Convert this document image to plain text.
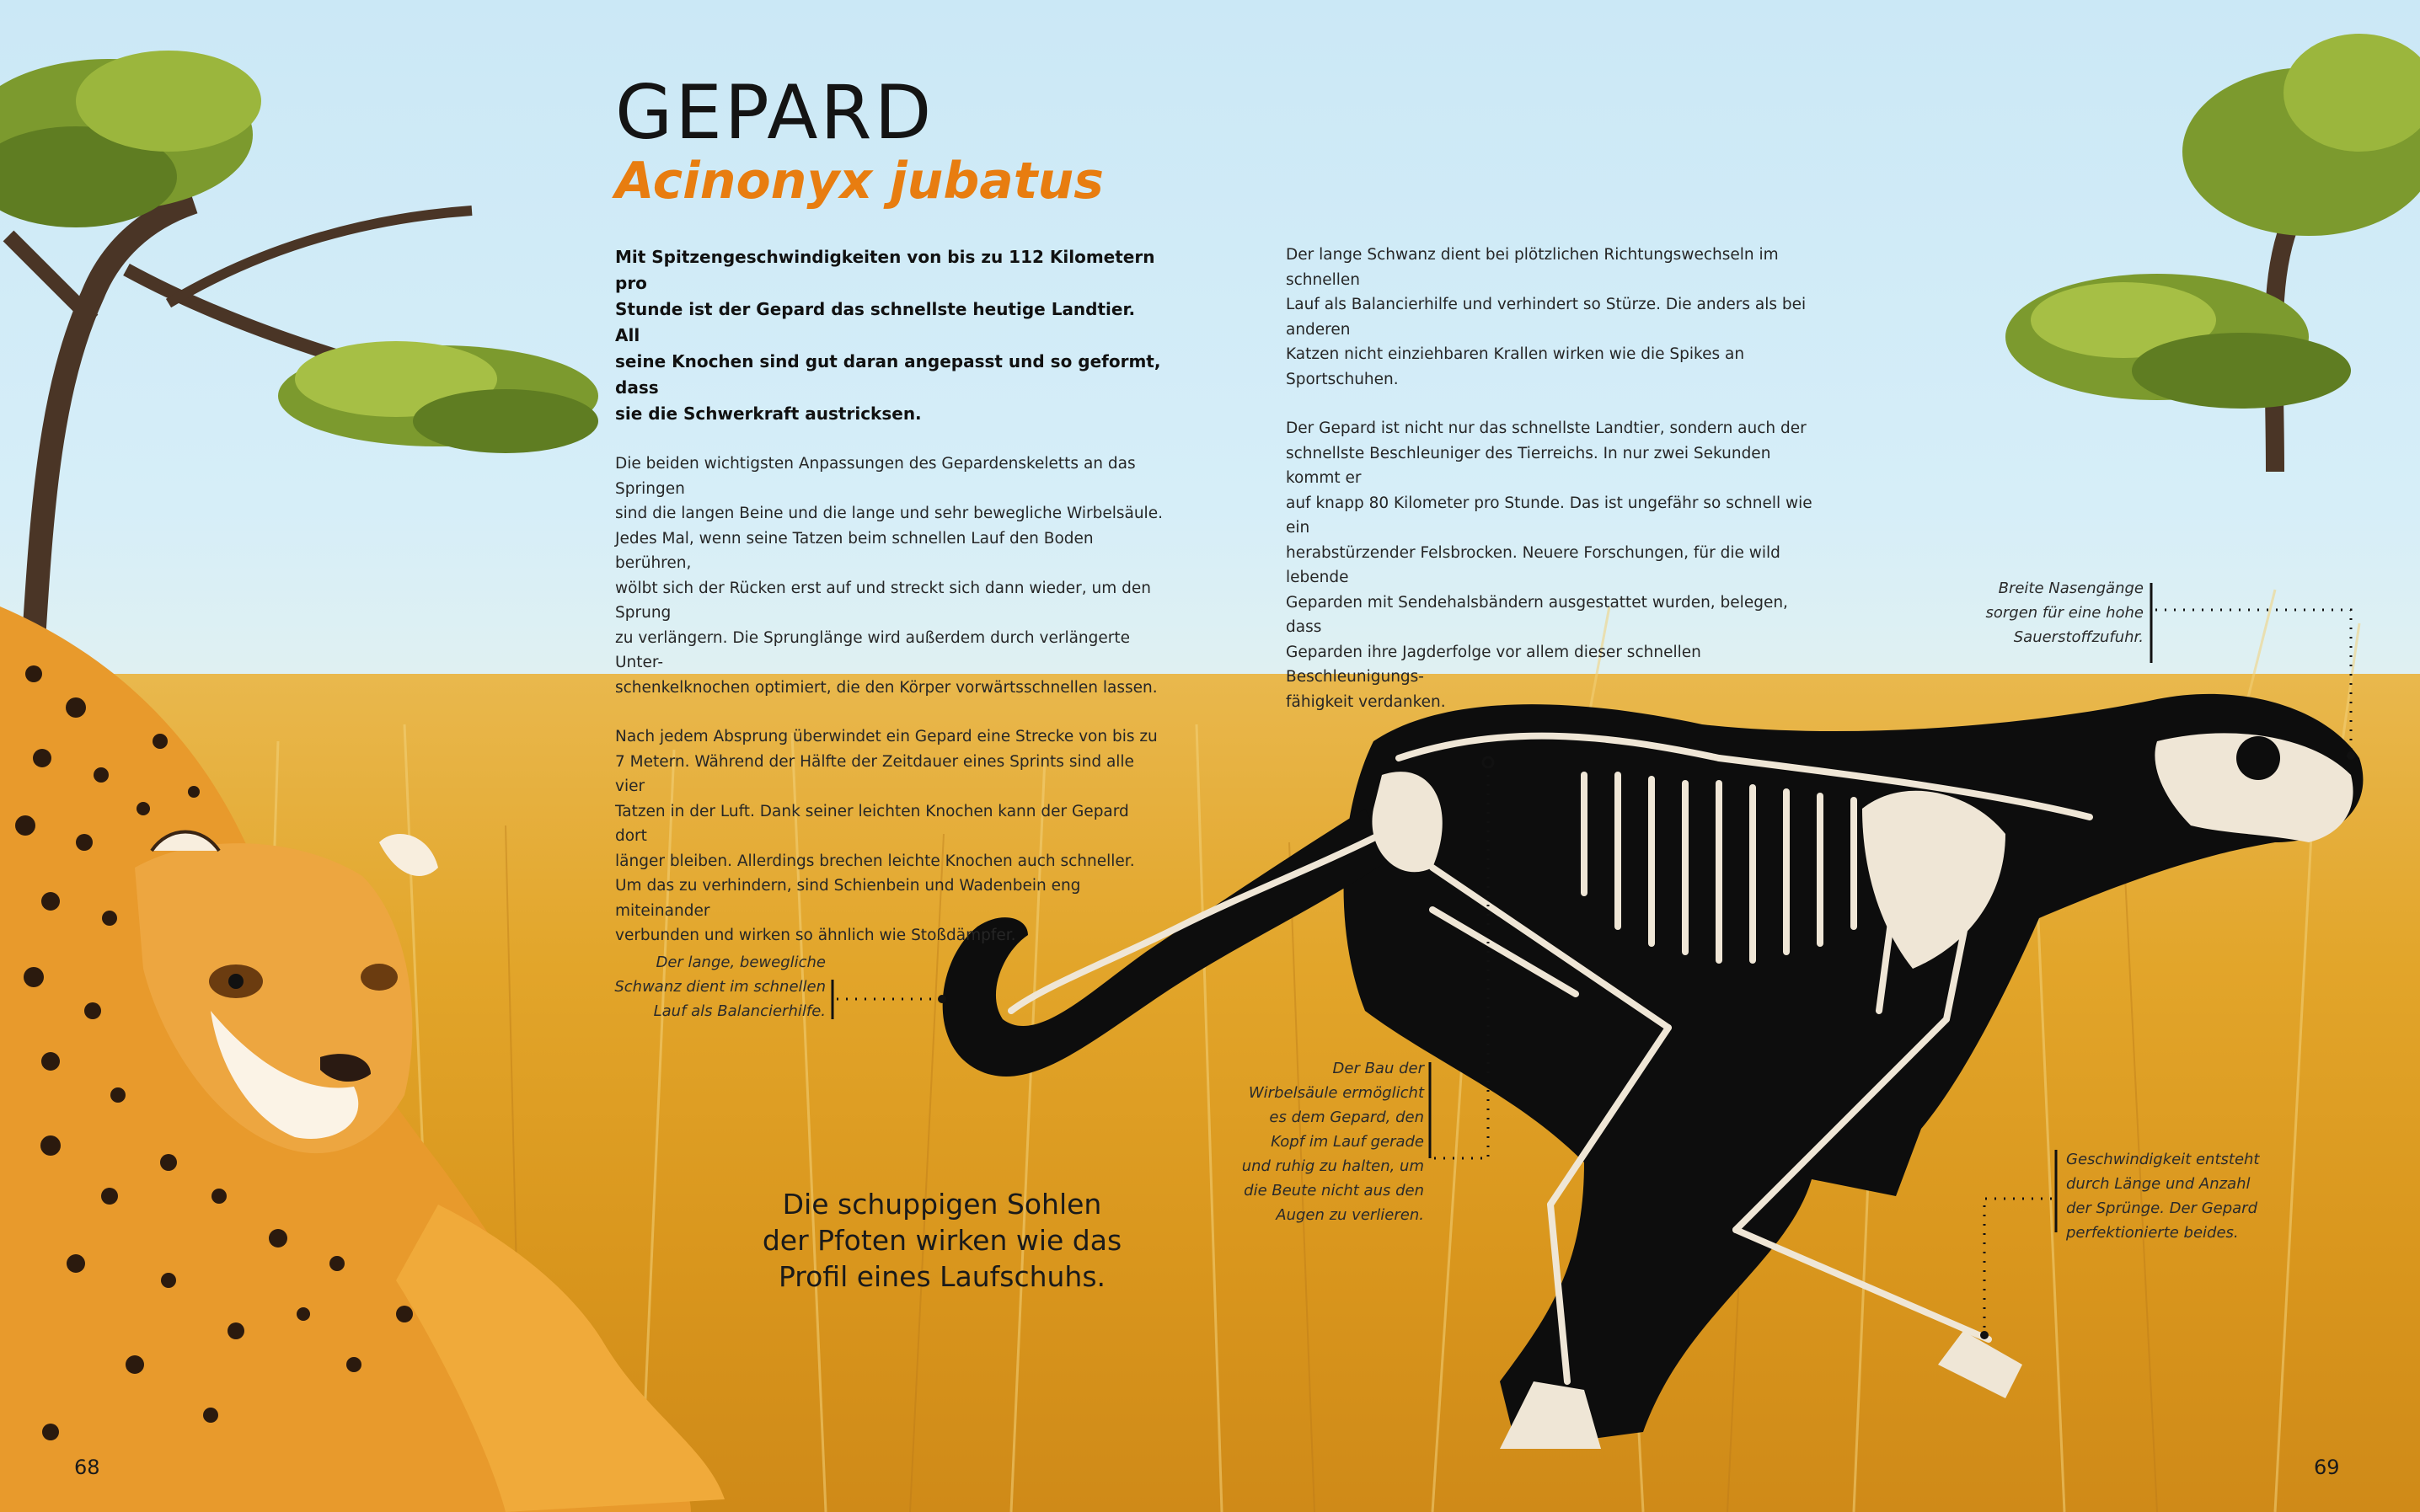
GEPARD
Acinonyx jubatus

Mit Spitzengeschwindigkeiten von bis zu 112 Kilometern pro
Stunde ist der Gepard das schnellste heutige Landtier. All
seine Knochen sind gut daran angepasst und so geformt, dass
sie die Schwerkraft austricksen.

Die beiden wichtigsten Anpassungen des Gepardenskeletts an das Springen
sind die langen Beine und die lange und sehr bewegliche Wirbelsäule.
Jedes Mal, wenn seine Tatzen beim schnellen Lauf den Boden berühren,
wölbt sich der Rücken erst auf und streckt sich dann wieder, um den Sprung
zu verlängern. Die Sprunglänge wird außerdem durch verlängerte Unter-
schenkelknochen optimiert, die den Körper vorwärtsschnellen lassen.

Nach jedem Absprung überwindet ein Gepard eine Strecke von bis zu
7 Metern. Während der Hälfte der Zeitdauer eines Sprints sind alle vier
Tatzen in der Luft. Dank seiner leichten Knochen kann der Gepard dort
länger bleiben. Allerdings brechen leichte Knochen auch schneller.
Um das zu verhindern, sind Schienbein und Wadenbein eng miteinander
verbunden und wirken so ähnlich wie Stoßdämpfer.

Der lange Schwanz dient bei plötzlichen Richtungswechseln im schnellen
Lauf als Balancierhilfe und verhindert so Stürze. Die anders als bei anderen
Katzen nicht einziehbaren Krallen wirken wie die Spikes an Sportschuhen.

Der Gepard ist nicht nur das schnellste Landtier, sondern auch der
schnellste Beschleuniger des Tierreichs. In nur zwei Sekunden kommt er
auf knapp 80 Kilometer pro Stunde. Das ist ungefähr so schnell wie ein
herabstürzender Felsbrocken. Neuere Forschungen, für die wild lebende
Geparden mit Sendehalsbändern ausgestattet wurden, belegen, dass
Geparden ihre Jagderfolge vor allem dieser schnellen Beschleunigungs-
fähigkeit verdanken.

Der lange, bewegliche
Schwanz dient im schnellen
Lauf als Balancierhilfe.
Breite Nasengänge
sorgen für eine hohe
Sauerstoffzufuhr.
Der Bau der
Wirbelsäule ermöglicht
es dem Gepard, den
Kopf im Lauf gerade
und ruhig zu halten, um
die Beute nicht aus den
Augen zu verlieren.
Geschwindigkeit entsteht
durch Länge und Anzahl
der Sprünge. Der Gepard
perfektionierte beides.
Die schuppigen Sohlen
der Pfoten wirken wie das
Profil eines Laufschuhs.
68	69
